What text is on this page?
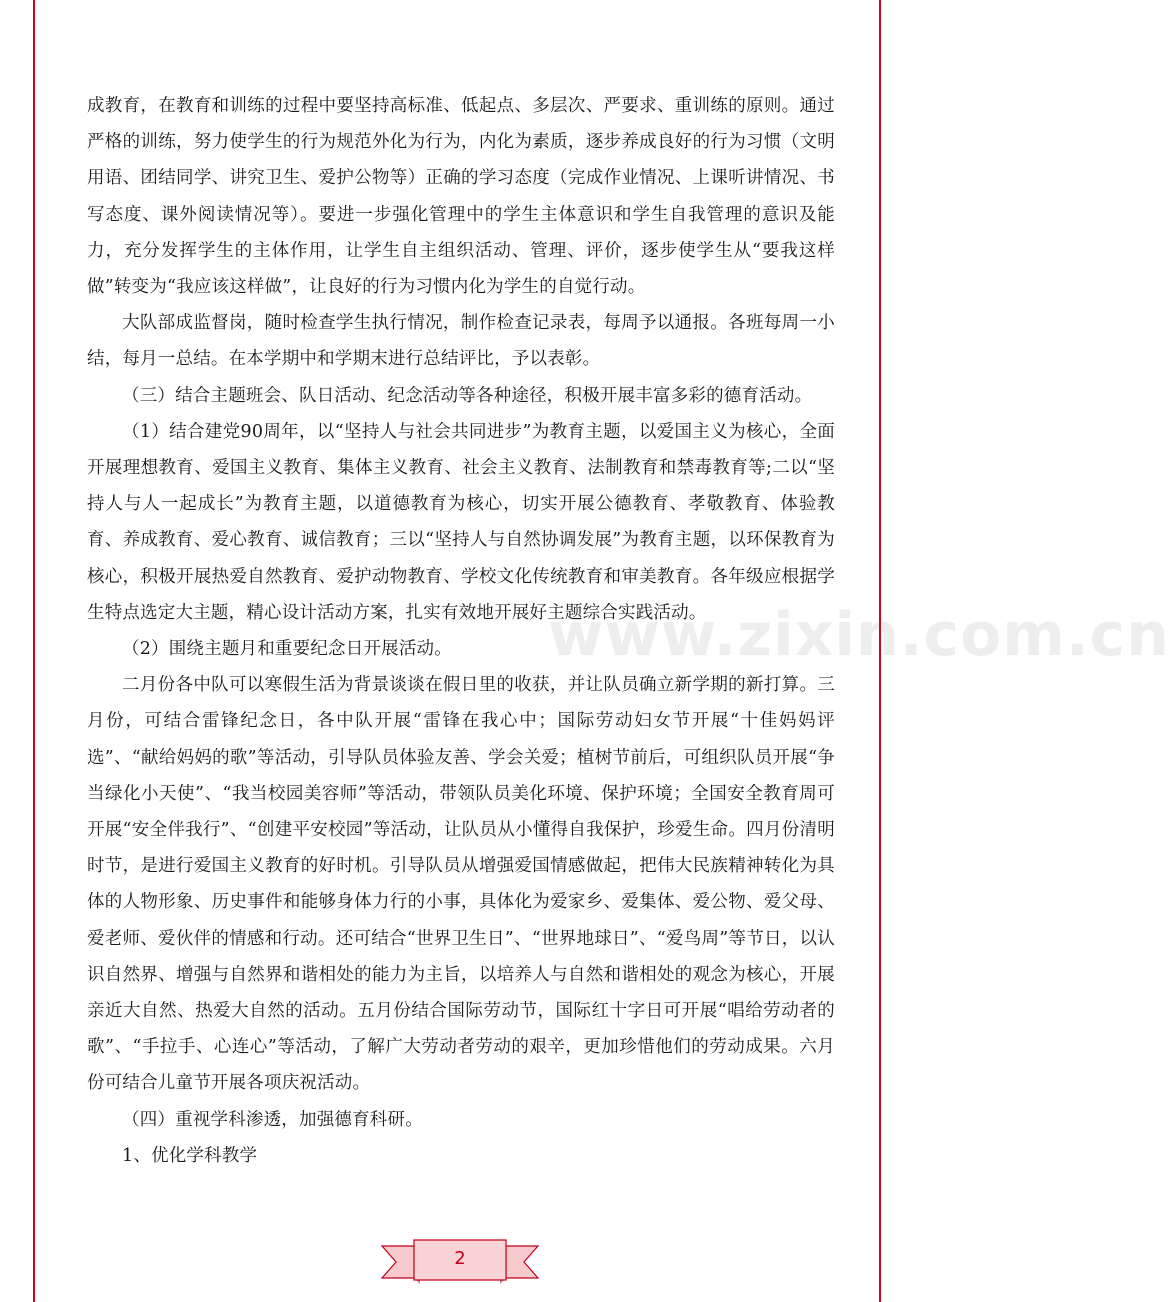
成教育，在教育和训练的过程中要坚持高标准、低起点、多层次、严要求、重训练的原则。通过严格的训练，努力使学生的行为规范外化为行为，内化为素质，逐步养成良好的行为习惯（文明用语、团结同学、讲究卫生、爱护公物等）正确的学习态度（完成作业情况、上课听讲情况、书写态度、课外阅读情况等）。要进一步强化管理中的学生主体意识和学生自我管理的意识及能力，充分发挥学生的主体作用，让学生自主组织活动、管理、评价，逐步使学生从“要我这样做”转变为“我应该这样做”，让良好的行为习惯内化为学生的自觉行动。

大队部成监督岗，随时检查学生执行情况，制作检查记录表，每周予以通报。各班每周一小结，每月一总结。在本学期中和学期末进行总结评比，予以表彰。

（三）结合主题班会、队日活动、纪念活动等各种途径，积极开展丰富多彩的德育活动。

（1）结合建党90周年，以“坚持人与社会共同进步”为教育主题，以爱国主义为核心，全面开展理想教育、爱国主义教育、集体主义教育、社会主义教育、法制教育和禁毒教育等;二以“坚持人与人一起成长”为教育主题，以道德教育为核心，切实开展公德教育、孝敬教育、体验教育、养成教育、爱心教育、诚信教育；三以“坚持人与自然协调发展”为教育主题，以环保教育为核心，积极开展热爱自然教育、爱护动物教育、学校文化传统教育和审美教育。各年级应根据学生特点选定大主题，精心设计活动方案，扎实有效地开展好主题综合实践活动。

（2）围绕主题月和重要纪念日开展活动。

二月份各中队可以寒假生活为背景谈谈在假日里的收获，并让队员确立新学期的新打算。三月份，可结合雷锋纪念日，各中队开展“雷锋在我心中；国际劳动妇女节开展“十佳妈妈评选”、“献给妈妈的歌”等活动，引导队员体验友善、学会关爱；植树节前后，可组织队员开展“争当绿化小天使”、“我当校园美容师”等活动，带领队员美化环境、保护环境；全国安全教育周可开展“安全伴我行”、“创建平安校园”等活动，让队员从小懂得自我保护，珍爱生命。四月份清明时节，是进行爱国主义教育的好时机。引导队员从增强爱国情感做起，把伟大民族精神转化为具体的人物形象、历史事件和能够身体力行的小事，具体化为爱家乡、爱集体、爱公物、爱父母、爱老师、爱伙伴的情感和行动。还可结合“世界卫生日”、“世界地球日”、“爱鸟周”等节日，以认识自然界、增强与自然界和谐相处的能力为主旨，以培养人与自然和谐相处的观念为核心，开展亲近大自然、热爱大自然的活动。五月份结合国际劳动节，国际红十字日可开展“唱给劳动者的歌”、“手拉手、心连心”等活动，了解广大劳动者劳动的艰辛，更加珍惜他们的劳动成果。六月份可结合儿童节开展各项庆祝活动。

（四）重视学科渗透，加强德育科研。

1、优化学科教学

www.zixin.com.cn
2
